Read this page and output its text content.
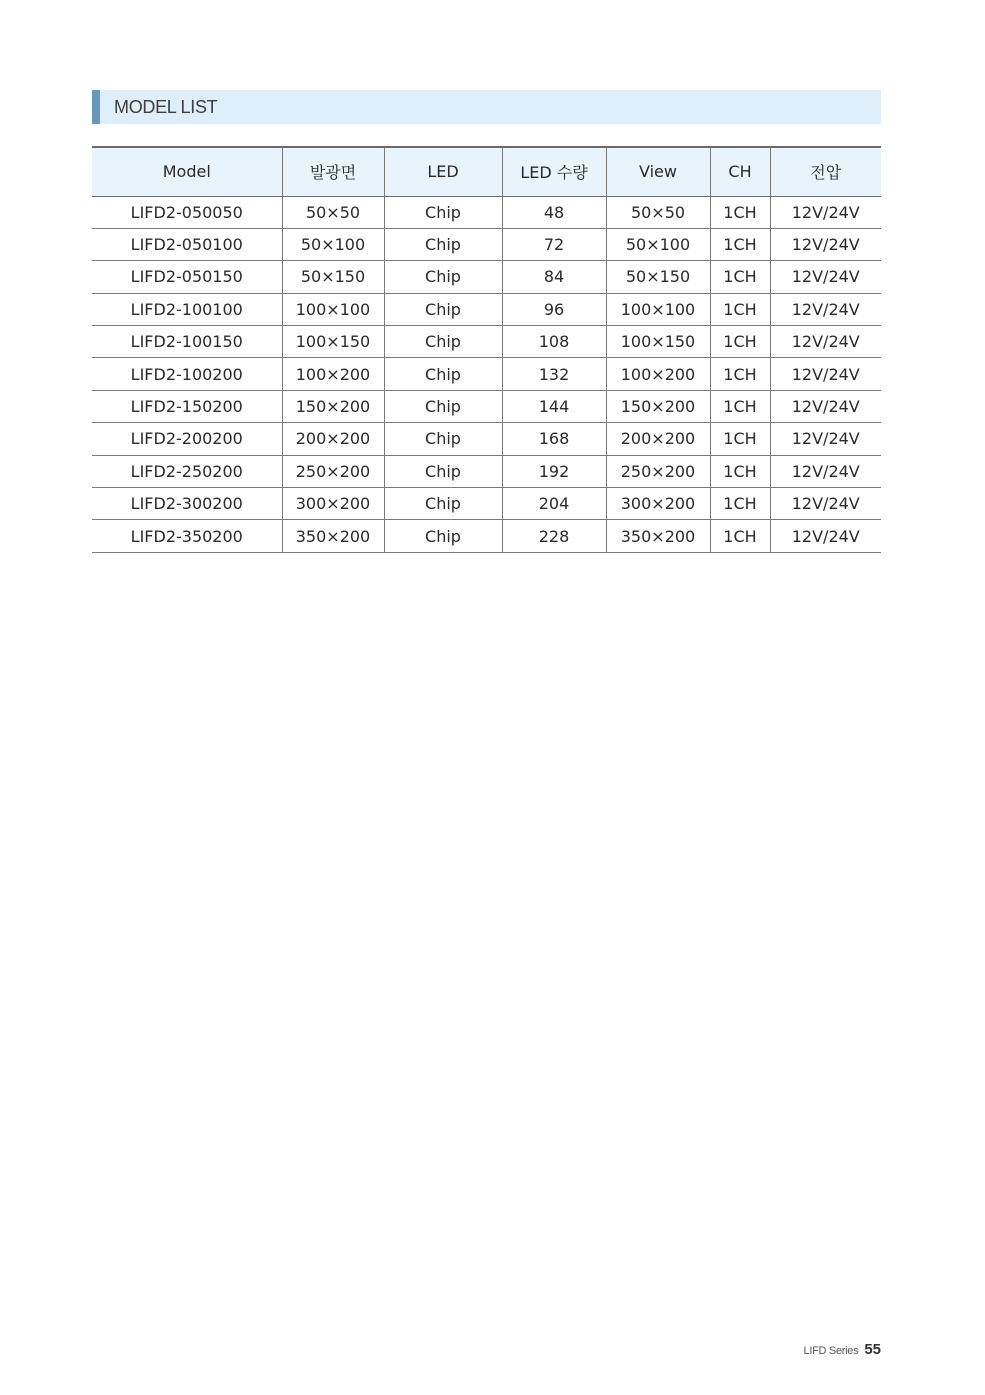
MODEL LIST
Model	발광면	LED	LED 수량	View	CH	전압
LIFD2-050050	50×50	Chip	48	50×50	1CH	12V/24V
LIFD2-050100	50×100	Chip	72	50×100	1CH	12V/24V
LIFD2-050150	50×150	Chip	84	50×150	1CH	12V/24V
LIFD2-100100	100×100	Chip	96	100×100	1CH	12V/24V
LIFD2-100150	100×150	Chip	108	100×150	1CH	12V/24V
LIFD2-100200	100×200	Chip	132	100×200	1CH	12V/24V
LIFD2-150200	150×200	Chip	144	150×200	1CH	12V/24V
LIFD2-200200	200×200	Chip	168	200×200	1CH	12V/24V
LIFD2-250200	250×200	Chip	192	250×200	1CH	12V/24V
LIFD2-300200	300×200	Chip	204	300×200	1CH	12V/24V
LIFD2-350200	350×200	Chip	228	350×200	1CH	12V/24V
LIFD Series 55
